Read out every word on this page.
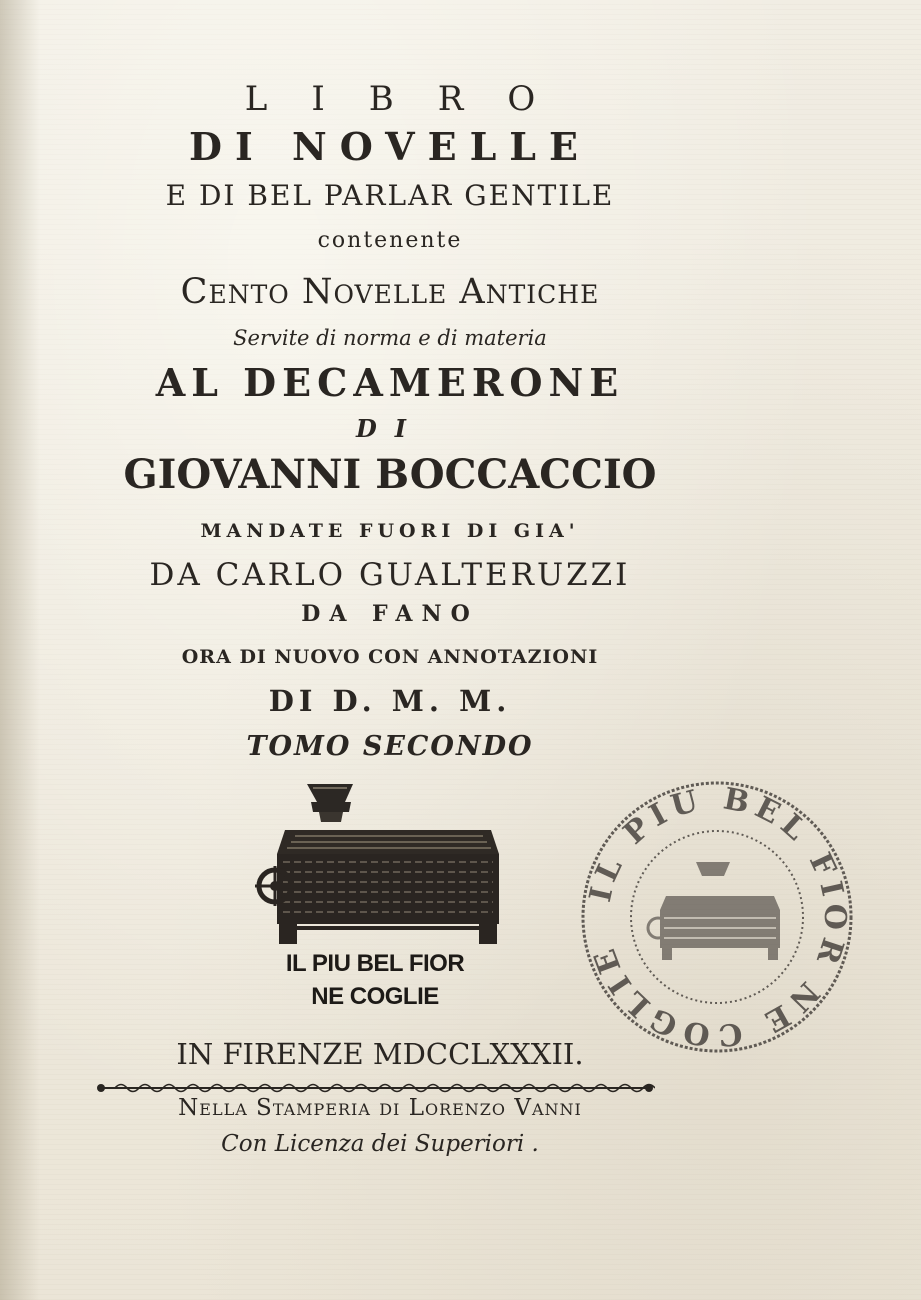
LIBRO
DI NOVELLE
E DI BEL PARLAR GENTILE
contenente
Cento Novelle Antiche
Servite di norma e di materia
AL DECAMERONE
DI
GIOVANNI BOCCACCIO
MANDATE FUORI DI GIA'
DA CARLO GUALTERUZZI
DA FANO
ORA DI NUOVO CON ANNOTAZIONI
DI D. M. M.
TOMO SECONDO
IL PIU BEL FIOR
NE COGLIE
IN FIRENZE MDCCLXXXII.
Nella Stamperia di Lorenzo Vanni
Con Licenza dei Superiori .
IL PIU BEL FIOR NE COGLIE
